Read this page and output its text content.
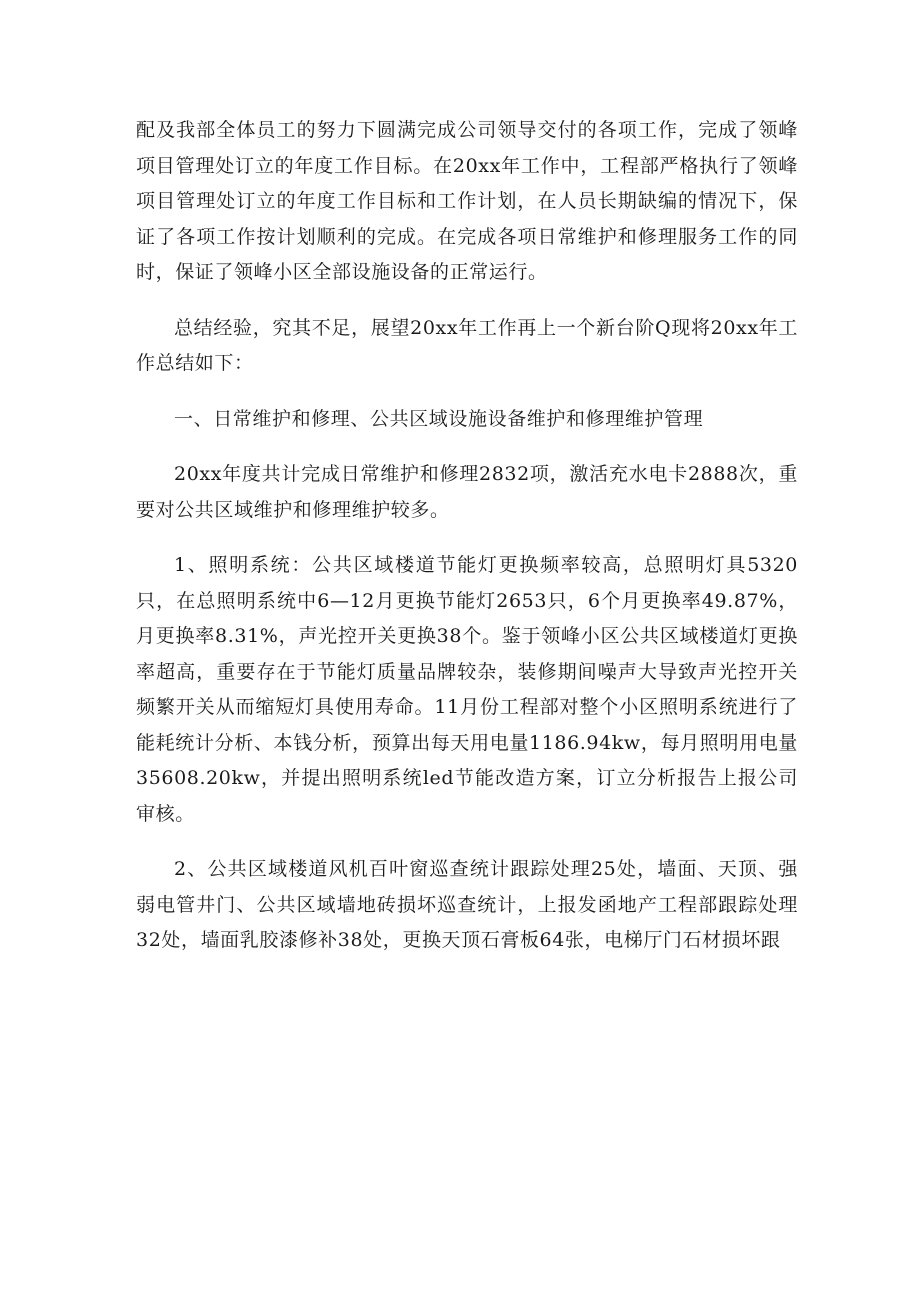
配及我部全体员工的努力下圆满完成公司领导交付的各项工作，完成了领峰项目管理处订立的年度工作目标。在20xx年工作中，工程部严格执行了领峰项目管理处订立的年度工作目标和工作计划，在人员长期缺编的情况下，保证了各项工作按计划顺利的完成。在完成各项日常维护和修理服务工作的同时，保证了领峰小区全部设施设备的正常运行。

总结经验，究其不足，展望20xx年工作再上一个新台阶Q现将20xx年工作总结如下：

一、日常维护和修理、公共区域设施设备维护和修理维护管理

20xx年度共计完成日常维护和修理2832项，激活充水电卡2888次，重要对公共区域维护和修理维护较多。

1、照明系统：公共区域楼道节能灯更换频率较高，总照明灯具5320只，在总照明系统中6—12月更换节能灯2653只，6个月更换率49.87%，月更换率8.31%，声光控开关更换38个。鉴于领峰小区公共区域楼道灯更换率超高，重要存在于节能灯质量品牌较杂，装修期间噪声大导致声光控开关频繁开关从而缩短灯具使用寿命。11月份工程部对整个小区照明系统进行了能耗统计分析、本钱分析，预算出每天用电量1186.94kw，每月照明用电量35608.20kw，并提出照明系统led节能改造方案，订立分析报告上报公司审核。

2、公共区域楼道风机百叶窗巡查统计跟踪处理25处，墙面、天顶、强弱电管井门、公共区域墙地砖损坏巡查统计，上报发函地产工程部跟踪处理32处，墙面乳胶漆修补38处，更换天顶石膏板64张，电梯厅门石材损坏跟
